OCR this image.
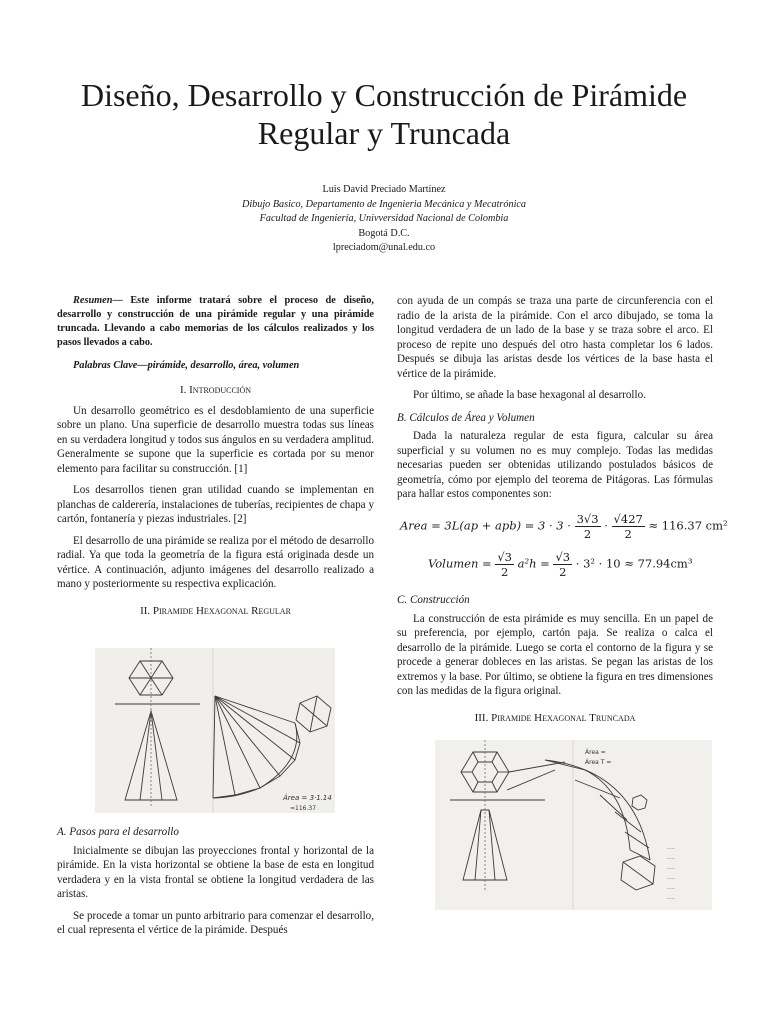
Diseño, Desarrollo y Construcción de Pirámide
Regular y Truncada
Luis David Preciado Martínez
Dibujo Basico, Departamento de Ingenieria Mecánica y Mecatrónica
Facultad de Ingeniería, Univversidad Nacional de Colombia
Bogotá D.C.
lpreciadom@unal.edu.co

Resumen— Este informe tratará sobre el proceso de diseño, desarrollo y construcción de una pirámide regular y una pirámide truncada. Llevando a cabo memorias de los cálculos realizados y los pasos llevados a cabo.

Palabras Clave—pirámide, desarrollo, área, volumen

I. Introducción

Un desarrollo geométrico es el desdoblamiento de una superficie sobre un plano. Una superficie de desarrollo muestra todas sus líneas en su verdadera longitud y todos sus ángulos en su verdadera amplitud. Generalmente se supone que la superficie es cortada por su menor elemento para facilitar su construcción. [1]

Los desarrollos tienen gran utilidad cuando se implementan en planchas de calderería, instalaciones de tuberías, recipientes de chapa y cartón, fontanería y piezas industriales. [2]

El desarrollo de una pirámide se realiza por el método de desarrollo radial. Ya que toda la geometría de la figura está originada desde un vértice. A continuación, adjunto imágenes del desarrollo realizado a mano y posteriormente su respectiva explicación.

II. Piramide Hexagonal Regular
Área = 3·1.14
≈116.37
A. Pasos para el desarrollo

Inicialmente se dibujan las proyecciones frontal y horizontal de la pirámide. En la vista horizontal se obtiene la base de esta en longitud verdadera y en la vista frontal se obtiene la longitud verdadera de las aristas.

Se procede a tomar un punto arbitrario para comenzar el desarrollo, el cual representa el vértice de la pirámide. Después

con ayuda de un compás se traza una parte de circunferencia con el radio de la arista de la pirámide. Con el arco dibujado, se toma la longitud verdadera de un lado de la base y se traza sobre el arco. El proceso de repite uno después del otro hasta completar los 6 lados. Después se dibuja las aristas desde los vértices de la base hasta el vértice de la pirámide.

Por último, se añade la base hexagonal al desarrollo.

B. Cálculos de Área y Volumen

Dada la naturaleza regular de esta figura, calcular su área superficial y su volumen no es muy complejo. Todas las medidas necesarias pueden ser obtenidas utilizando postulados básicos de geometría, cómo por ejemplo del teorema de Pitágoras. Las fórmulas para hallar estos componentes son:

Area = $3L(ap + apb) = 3 \cdot 3 \cdot \frac{3√3}{2} \cdot \frac{√427}{2} \approx 116.37$ cm²
Volumen = $\frac{√3}{2} a^2h = \frac{√3}{2} \cdot 3^2 \cdot 10 \approx 77.94cm^3$
C. Construcción

La construcción de esta pirámide es muy sencilla. En un papel de su preferencia, por ejemplo, cartón paja. Se realiza o calca el desarrollo de la pirámide. Luego se corta el contorno de la figura y se procede a generar dobleces en las aristas. Se pegan las aristas de los extremos y la base. Por último, se obtiene la figura en tres dimensiones con las medidas de la figura original.

III. Piramide Hexagonal Truncada
Área =
Área T =
·····
·····
·····
·····
·····
·····
